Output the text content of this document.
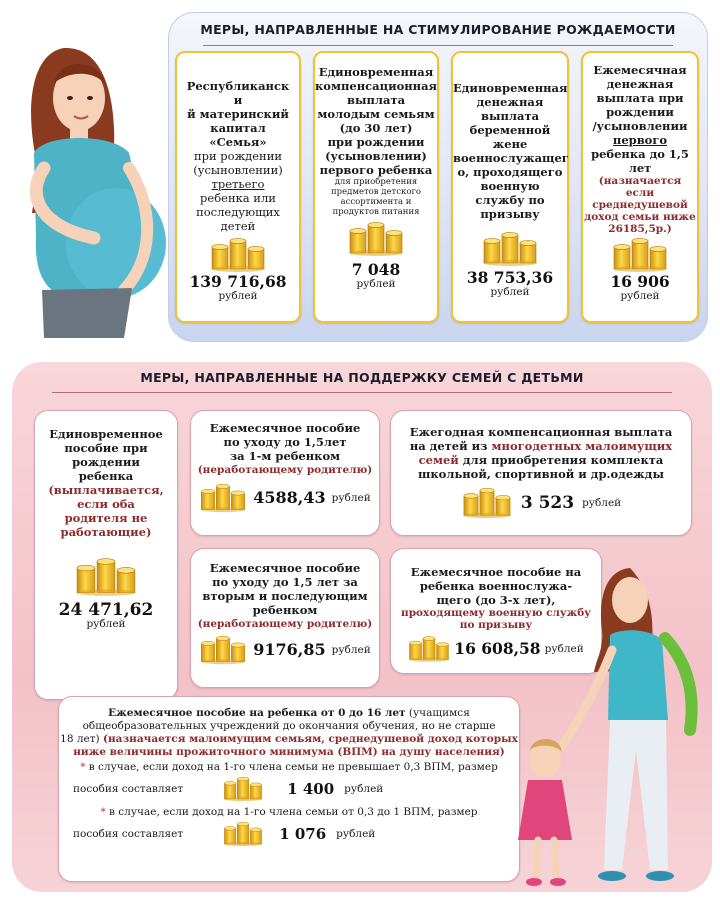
МЕРЫ, НАПРАВЛЕННЫЕ НА СТИМУЛИРОВАНИЕ РОЖДАЕМОСТИ
Республиканск
и
й материнский
капитал
«Семья»
при рождении
(усыновлении)
третьего
ребенка или
последующих
детей
139 716,68
рублей
Единовременная
компенсационная
выплата
молодым семьям
(до 30 лет)
при рождении
(усыновлении)
первого ребенка
для приобретения
предметов детского
ассортимента и
продуктов питания
7 048
рублей
Единовременная
денежная
выплата
беременной жене
военнослужащег
о, проходящего
военную
службу по
призыву
38 753,36
рублей
Ежемесячная
денежная
выплата при
рождении
/усыновлении
первого
ребенка до 1,5
лет
(назначается если
среднедушевой
доход семьи ниже
26185,5р.)
16 906
рублей
МЕРЫ, НАПРАВЛЕННЫЕ НА ПОДДЕРЖКУ СЕМЕЙ С ДЕТЬМИ
Единовременное
пособие при
рождении
ребенка
(выплачивается,
если оба
родителя не
работающие)
24 471,62
рублей
Ежемесячное пособие
по уходу до 1,5лет
за 1-м ребенком
(неработающему родителю)
4588,43 рублей
Ежегодная компенсационная выплата
на детей из многодетных малоимущих
семей для приобретения комплекта
школьной, спортивной и др.одежды
3 523 рублей
Ежемесячное пособие
по уходу до 1,5 лет за
вторым и последующим
ребенком
(неработающему родителю)
9176,85 рублей
Ежемесячное пособие на
ребенка военнослужа-
щего (до 3-х лет),
проходящему военную службу
по призыву
16 608,58 рублей
Ежемесячное пособие на ребенка от 0 до 16 лет (учащимся
общеобразовательных учреждений до окончания обучения, но не старше
18 лет) (назначается малоимущим семьям, среднедушевой доход которых
ниже величины прожиточного минимума (ВПМ) на душу населения)
* в случае, если доход на 1-го члена семьи не превышает 0,3 ВПМ, размер
пособия составляет	1 400 рублей
* в случае, если доход на 1-го члена семьи от 0,3 до 1 ВПМ, размер
пособия составляет	1 076 рублей
